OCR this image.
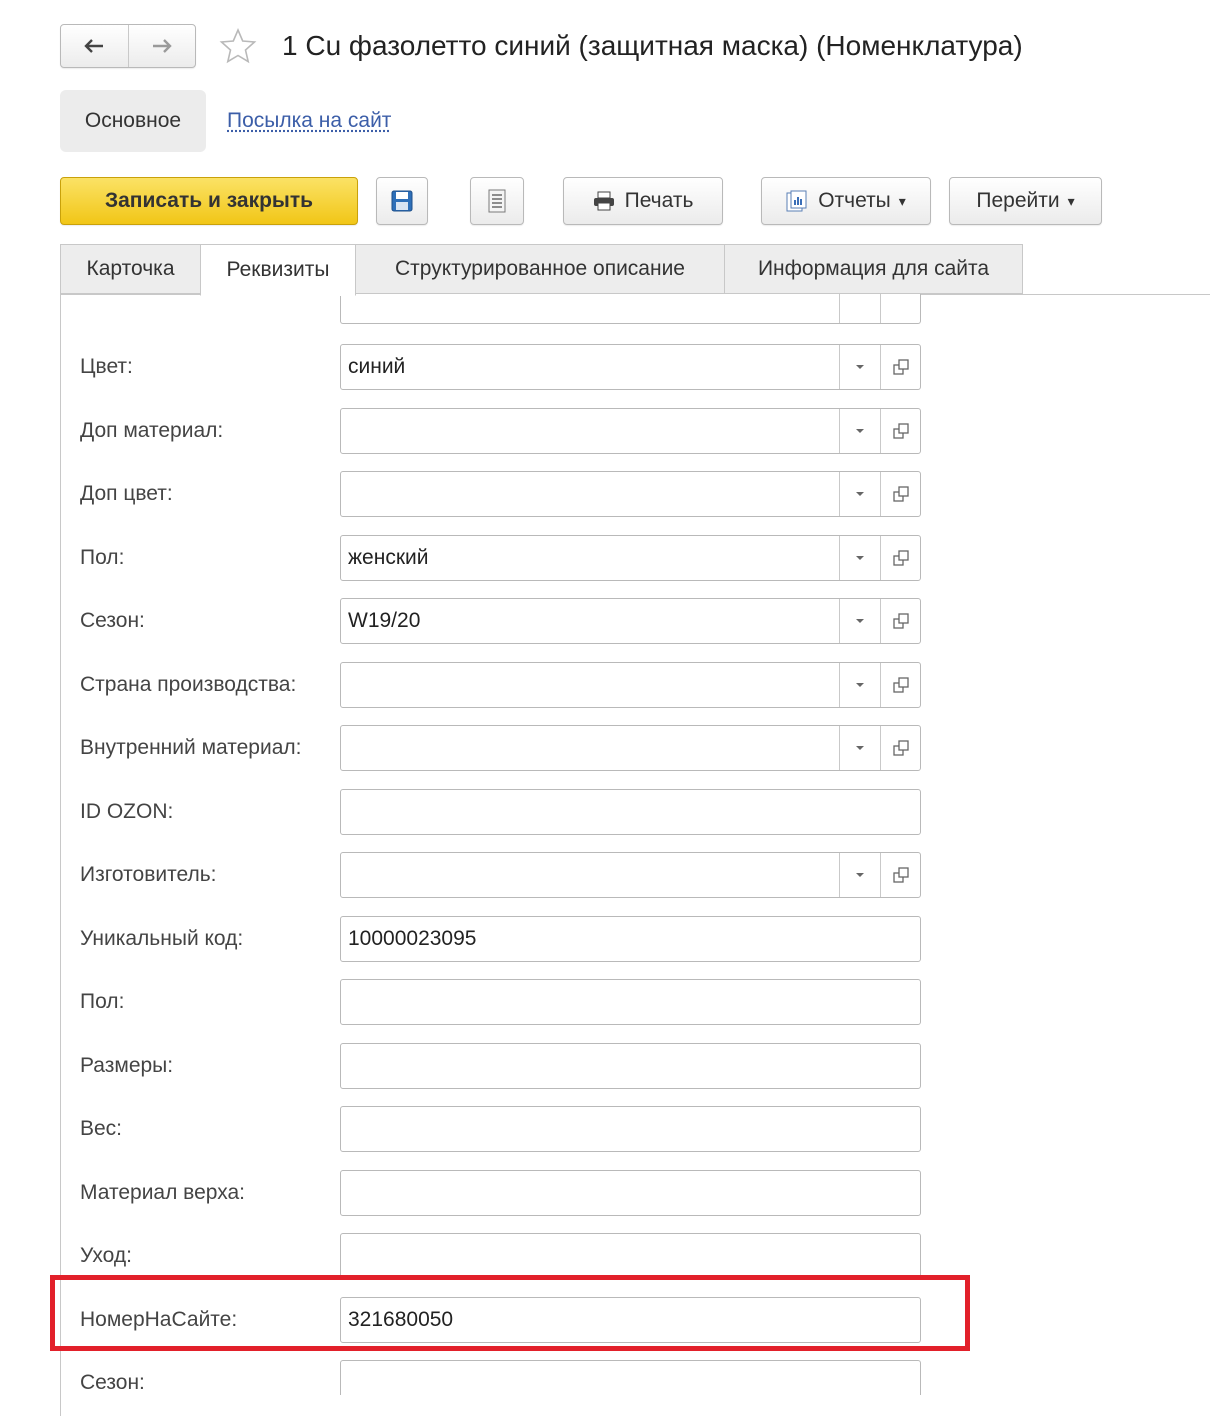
1 Cu фазолетто синий (защитная маска) (Номенклатура)
Основное	Посылка на сайт
Записать и закрыть	Печать	Отчеты ▾	Перейти ▾
Карточка	Реквизиты	Структурированное описание	Информация для сайта
Цвет:	синий
Доп материал:
Доп цвет:
Пол:	женский
Сезон:	W19/20
Страна производства:
Внутренний материал:
ID OZON:
Изготовитель:
Уникальный код:	10000023095
Пол:
Размеры:
Вес:
Материал верха:
Уход:
НомерНаСайте:	321680050
Сезон:
